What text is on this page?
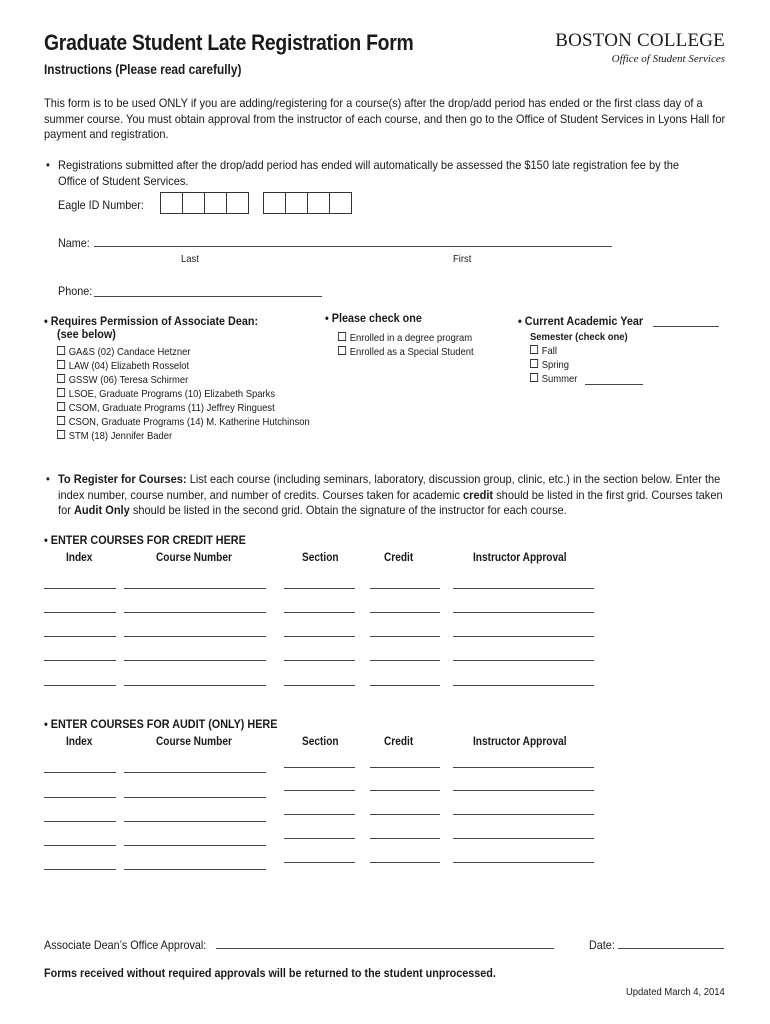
Graduate Student Late Registration Form
Instructions (Please read carefully)
BOSTON COLLEGE
Office of Student Services
This form is to be used ONLY if you are adding/registering for a course(s) after the drop/add period has ended or the first class day of a summer course. You must obtain approval from the instructor of each course, and then go to the Office of Student Services in Lyons Hall for payment and registration.
• Registrations submitted after the drop/add period has ended will automatically be assessed the $150 late registration fee by the Office of Student Services.
Eagle ID Number:
Name:
Last	First
Phone:
• Requires Permission of Associate Dean:
(see below)
GA&S (02) Candace Hetzner
LAW (04) Elizabeth Rosselot
GSSW (06) Teresa Schirmer
LSOE, Graduate Programs (10) Elizabeth Sparks
CSOM, Graduate Programs (11) Jeffrey Ringuest
CSON, Graduate Programs (14) M. Katherine Hutchinson
STM (18) Jennifer Bader
• Please check one
Enrolled in a degree program
Enrolled as a Special Student
• Current Academic Year
Semester (check one)
Fall
Spring
Summer
• To Register for Courses: List each course (including seminars, laboratory, discussion group, clinic, etc.) in the section below. Enter the index number, course number, and number of credits. Courses taken for academic credit should be listed in the first grid. Courses taken for Audit Only should be listed in the second grid. Obtain the signature of the instructor for each course.
• ENTER COURSES FOR CREDIT HERE
Index	Course Number	Section	Credit	Instructor Approval
• ENTER COURSES FOR AUDIT (ONLY) HERE
Index	Course Number	Section	Credit	Instructor Approval
Associate Dean’s Office Approval:	Date:
Forms received without required approvals will be returned to the student unprocessed.
Updated March 4, 2014
